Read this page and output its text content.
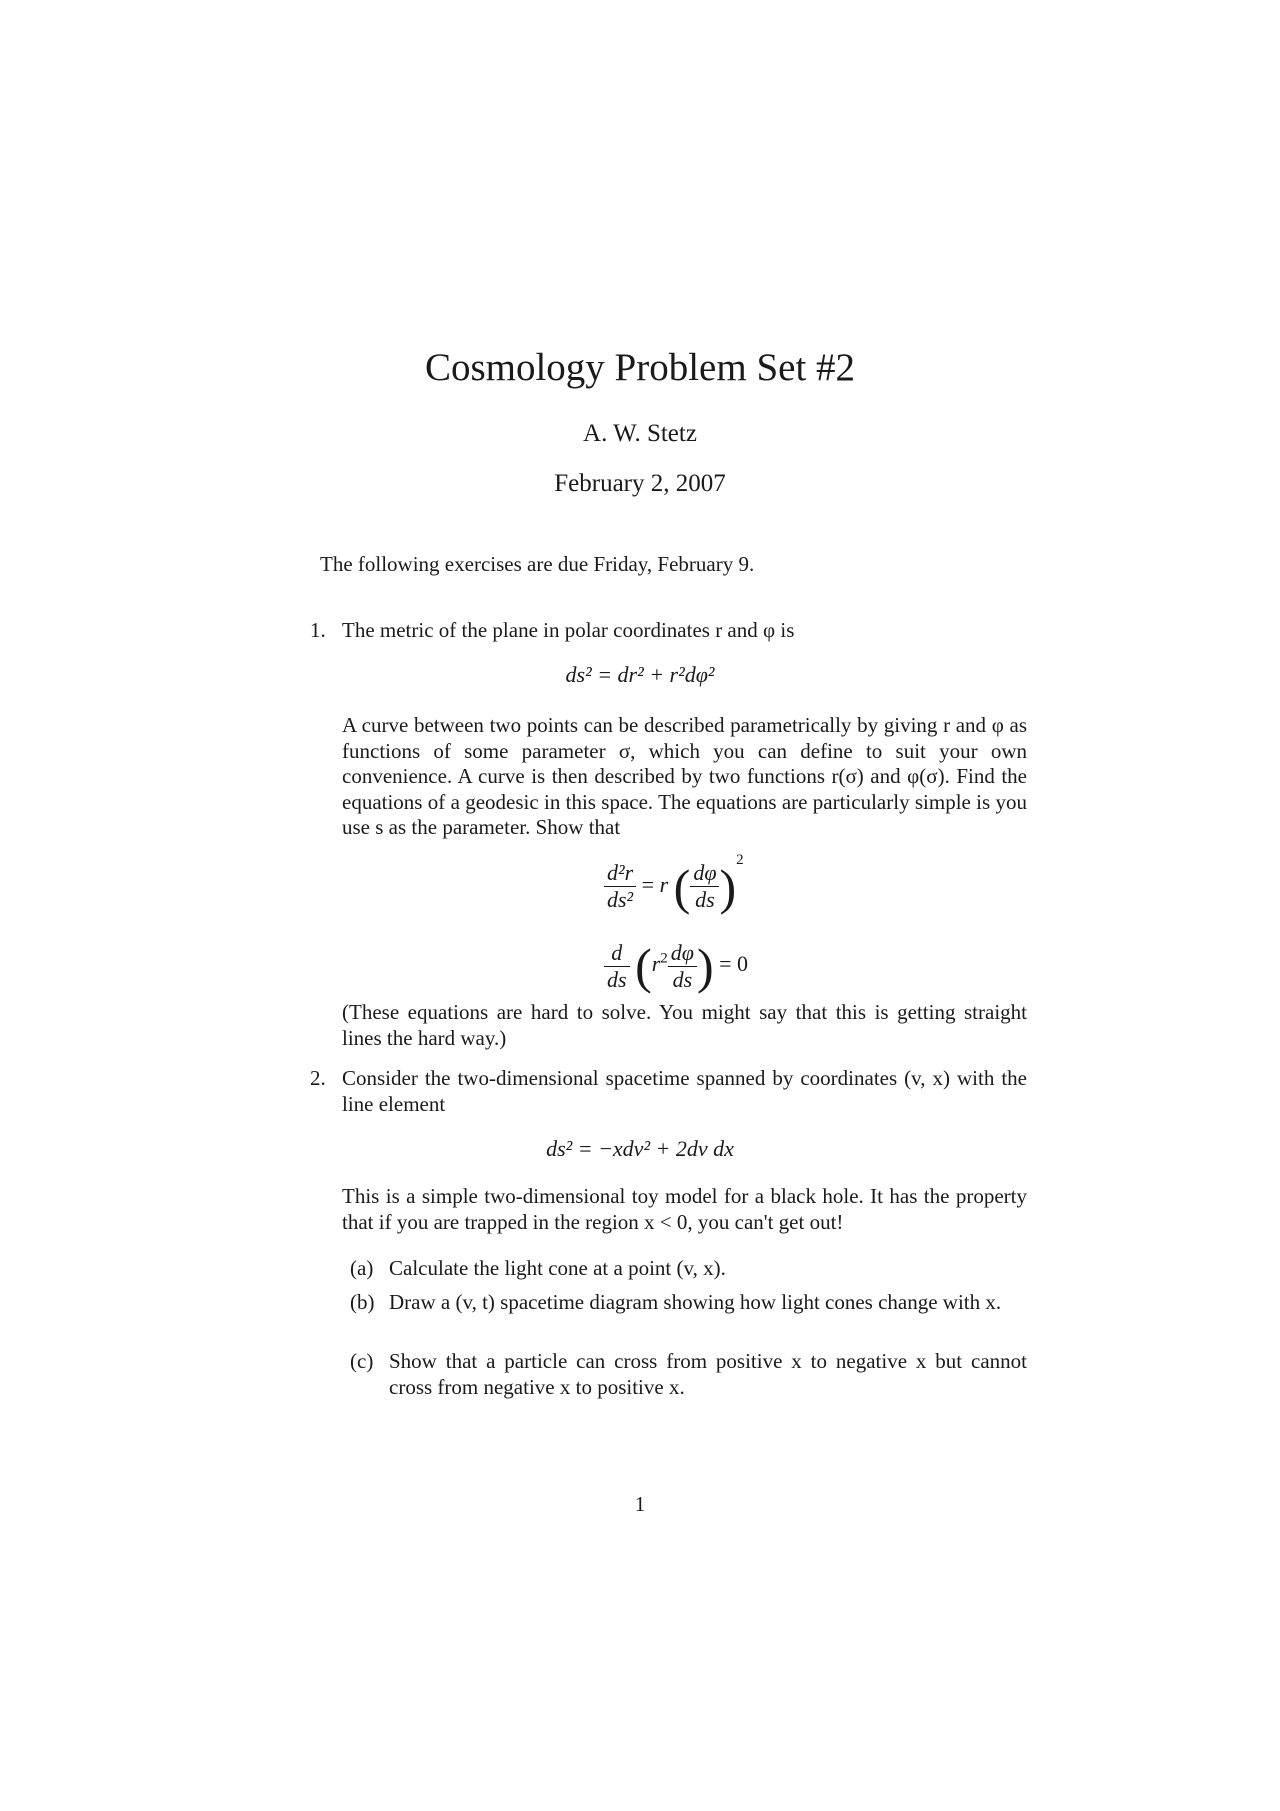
Cosmology Problem Set #2
A. W. Stetz
February 2, 2007
The following exercises are due Friday, February 9.
1. The metric of the plane in polar coordinates r and φ is
ds² = dr² + r²dφ²
A curve between two points can be described parametrically by giving r and φ as functions of some parameter σ, which you can define to suit your own convenience. A curve is then described by two functions r(σ) and φ(σ). Find the equations of a geodesic in this space. The equations are particularly simple is you use s as the parameter. Show that
$\frac{\text{d²r}}{\text{ds²}} = r$ ( $\frac{d\varphi}{ds} )^2$
$\frac{d}{ds} (r^2 \frac{d\varphi}{ds}$ ) = 0
(These equations are hard to solve. You might say that this is getting straight lines the hard way.)
2. Consider the two-dimensional spacetime spanned by coordinates (v, x) with the line element
ds² = −xdv² + 2dv dx
This is a simple two-dimensional toy model for a black hole. It has the property that if you are trapped in the region x < 0, you can't get out!
(a) Calculate the light cone at a point (v, x).
(b) Draw a (v, t) spacetime diagram showing how light cones change with x.
(c) Show that a particle can cross from positive x to negative x but cannot cross from negative x to positive x.
1
